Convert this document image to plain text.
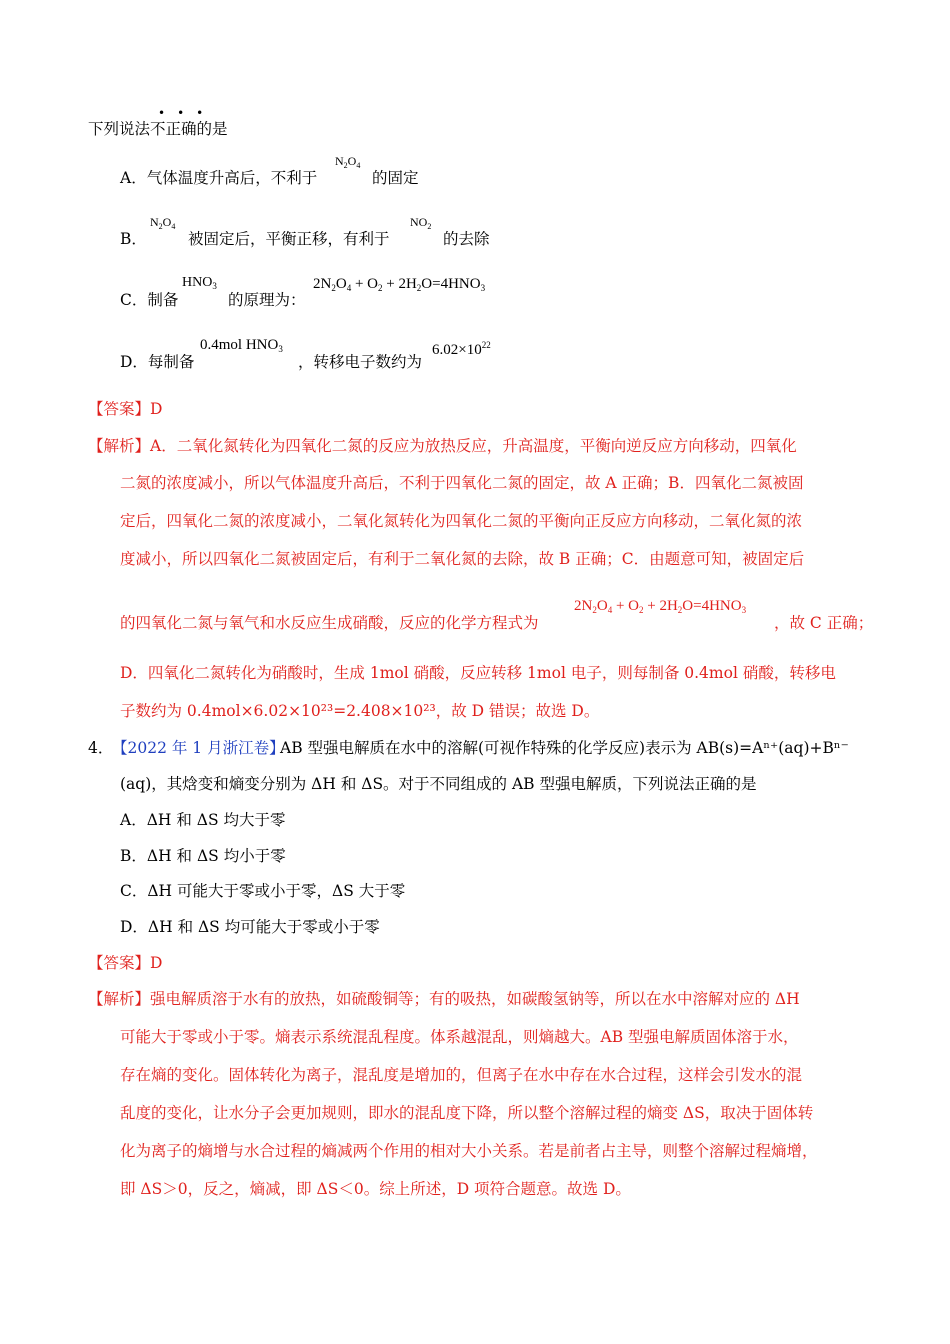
•••
下列说法不正确的是
A．气体温度升高后，不利于
$N_2O_4$
的固定
B．
$N_2O_4$
被固定后，平衡正移，有利于
$NO_2$
的去除
C．制备
$HNO_3$
的原理为：
$2N_2O_4 + O_2 + 2H_2O=4HNO_3$
D．每制备
0.4mol $HNO_3$
，转移电子数约为
$6.02\times 10^{22}$
【答案】D
【解析】 A．二氧化氮转化为四氧化二氮的反应为放热反应，升高温度，平衡向逆反应方向移动，四氧化
二氮的浓度减小，所以气体温度升高后，不利于四氧化二氮的固定，故 A 正确；B．四氧化二氮被固
定后，四氧化二氮的浓度减小，二氧化氮转化为四氧化二氮的平衡向正反应方向移动，二氧化氮的浓
度减小，所以四氧化二氮被固定后，有利于二氧化氮的去除，故 B 正确；C．由题意可知，被固定后
的四氧化二氮与氧气和水反应生成硝酸，反应的化学方程式为
$2N_2O_4 + O_2 + 2H_2O=4HNO_3$
，故 C 正确；
D．四氧化二氮转化为硝酸时，生成 1mol 硝酸，反应转移 1mol 电子，则每制备 0.4mol 硝酸，转移电
子数约为 0.4mol×6.02×10²³=2.408×10²³，故 D 错误；故选 D。
4．
【2022 年 1 月浙江卷】
AB 型强电解质在水中的溶解(可视作特殊的化学反应)表示为 AB(s)=Aⁿ⁺(aq)+Bⁿ⁻
(aq)，其焓变和熵变分别为 ΔH 和 ΔS。对于不同组成的 AB 型强电解质，下列说法正确的是
A．ΔH 和 ΔS 均大于零
B．ΔH 和 ΔS 均小于零
C．ΔH 可能大于零或小于零，ΔS 大于零
D．ΔH 和 ΔS 均可能大于零或小于零
【答案】D
【解析】 强电解质溶于水有的放热，如硫酸铜等；有的吸热，如碳酸氢钠等，所以在水中溶解对应的 ΔH
可能大于零或小于零。熵表示系统混乱程度。体系越混乱，则熵越大。AB 型强电解质固体溶于水，
存在熵的变化。固体转化为离子，混乱度是增加的，但离子在水中存在水合过程，这样会引发水的混
乱度的变化，让水分子会更加规则，即水的混乱度下降，所以整个溶解过程的熵变 ΔS，取决于固体转
化为离子的熵增与水合过程的熵减两个作用的相对大小关系。若是前者占主导，则整个溶解过程熵增，
即 ΔS＞0，反之，熵减，即 ΔS＜0。综上所述，D 项符合题意。故选 D。
